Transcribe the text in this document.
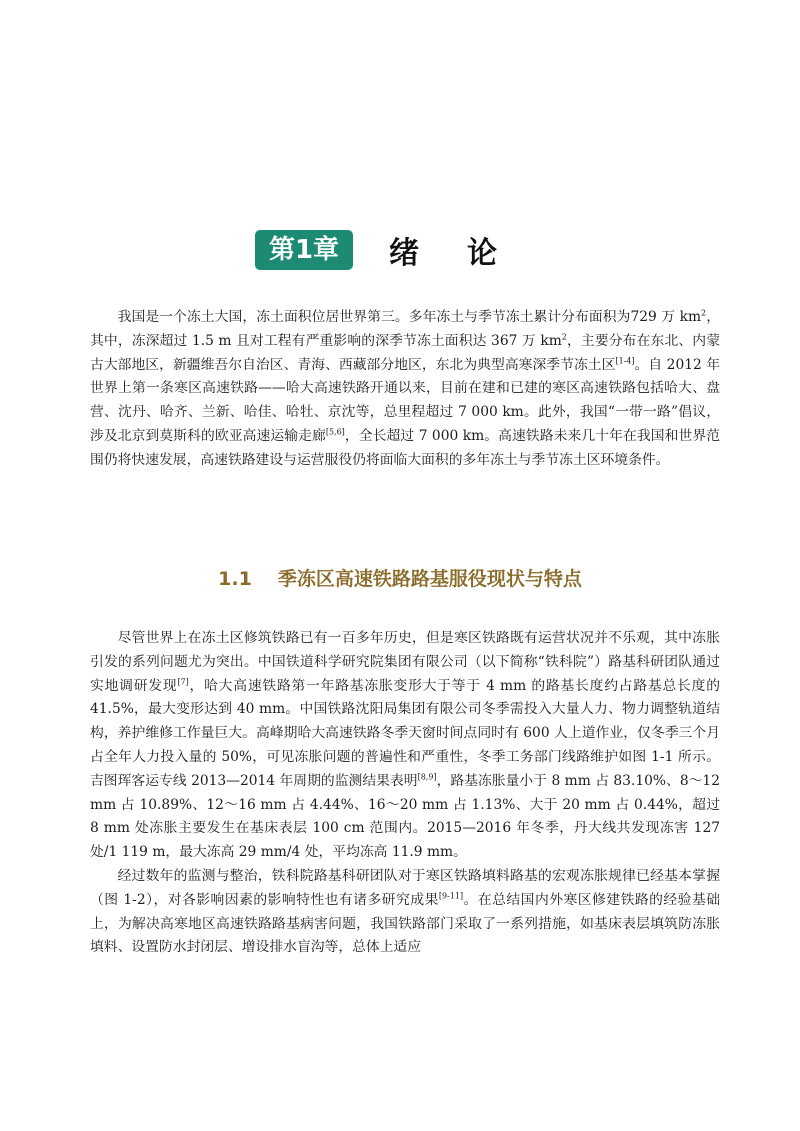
第1章	绪论

我国是一个冻土大国，冻土面积位居世界第三。多年冻土与季节冻土累计分布面积为729 万 $km^2$，其中，冻深超过 1.5 m 且对工程有严重影响的深季节冻土面积达 367 万 $km^2$，主要分布在东北、内蒙古大部地区，新疆维吾尔自治区、青海、西藏部分地区，东北为典型高寒深季节冻土区[1-4]。自 2012 年世界上第一条寒区高速铁路——哈大高速铁路开通以来，目前在建和已建的寒区高速铁路包括哈大、盘营、沈丹、哈齐、兰新、哈佳、哈牡、京沈等，总里程超过 7 000 km。此外，我国“一带一路”倡议，涉及北京到莫斯科的欧亚高速运输走廊[5,6]，全长超过 7 000 km。高速铁路未来几十年在我国和世界范围仍将快速发展，高速铁路建设与运营服役仍将面临大面积的多年冻土与季节冻土区环境条件。

1.1 季冻区高速铁路路基服役现状与特点

尽管世界上在冻土区修筑铁路已有一百多年历史，但是寒区铁路既有运营状况并不乐观，其中冻胀引发的系列问题尤为突出。中国铁道科学研究院集团有限公司（以下简称“铁科院”）路基科研团队通过实地调研发现[7]，哈大高速铁路第一年路基冻胀变形大于等于 4 mm 的路基长度约占路基总长度的 41.5%，最大变形达到 40 mm。中国铁路沈阳局集团有限公司冬季需投入大量人力、物力调整轨道结构，养护维修工作量巨大。高峰期哈大高速铁路冬季天窗时间点同时有 600 人上道作业，仅冬季三个月占全年人力投入量的 50%，可见冻胀问题的普遍性和严重性，冬季工务部门线路维护如图 1-1 所示。吉图珲客运专线 2013—2014 年周期的监测结果表明[8,9]，路基冻胀量小于 8 mm 占 83.10%、8～12 mm 占 10.89%、12～16 mm 占 4.44%、16～20 mm 占 1.13%、大于 20 mm 占 0.44%，超过 8 mm 处冻胀主要发生在基床表层 100 cm 范围内。2015—2016 年冬季，丹大线共发现冻害 127 处/1 119 m，最大冻高 29 mm/4 处，平均冻高 11.9 mm。

经过数年的监测与整治，铁科院路基科研团队对于寒区铁路填料路基的宏观冻胀规律已经基本掌握（图 1-2），对各影响因素的影响特性也有诸多研究成果[9-11]。在总结国内外寒区修建铁路的经验基础上，为解决高寒地区高速铁路路基病害问题，我国铁路部门采取了一系列措施，如基床表层填筑防冻胀填料、设置防水封闭层、增设排水盲沟等，总体上适应
